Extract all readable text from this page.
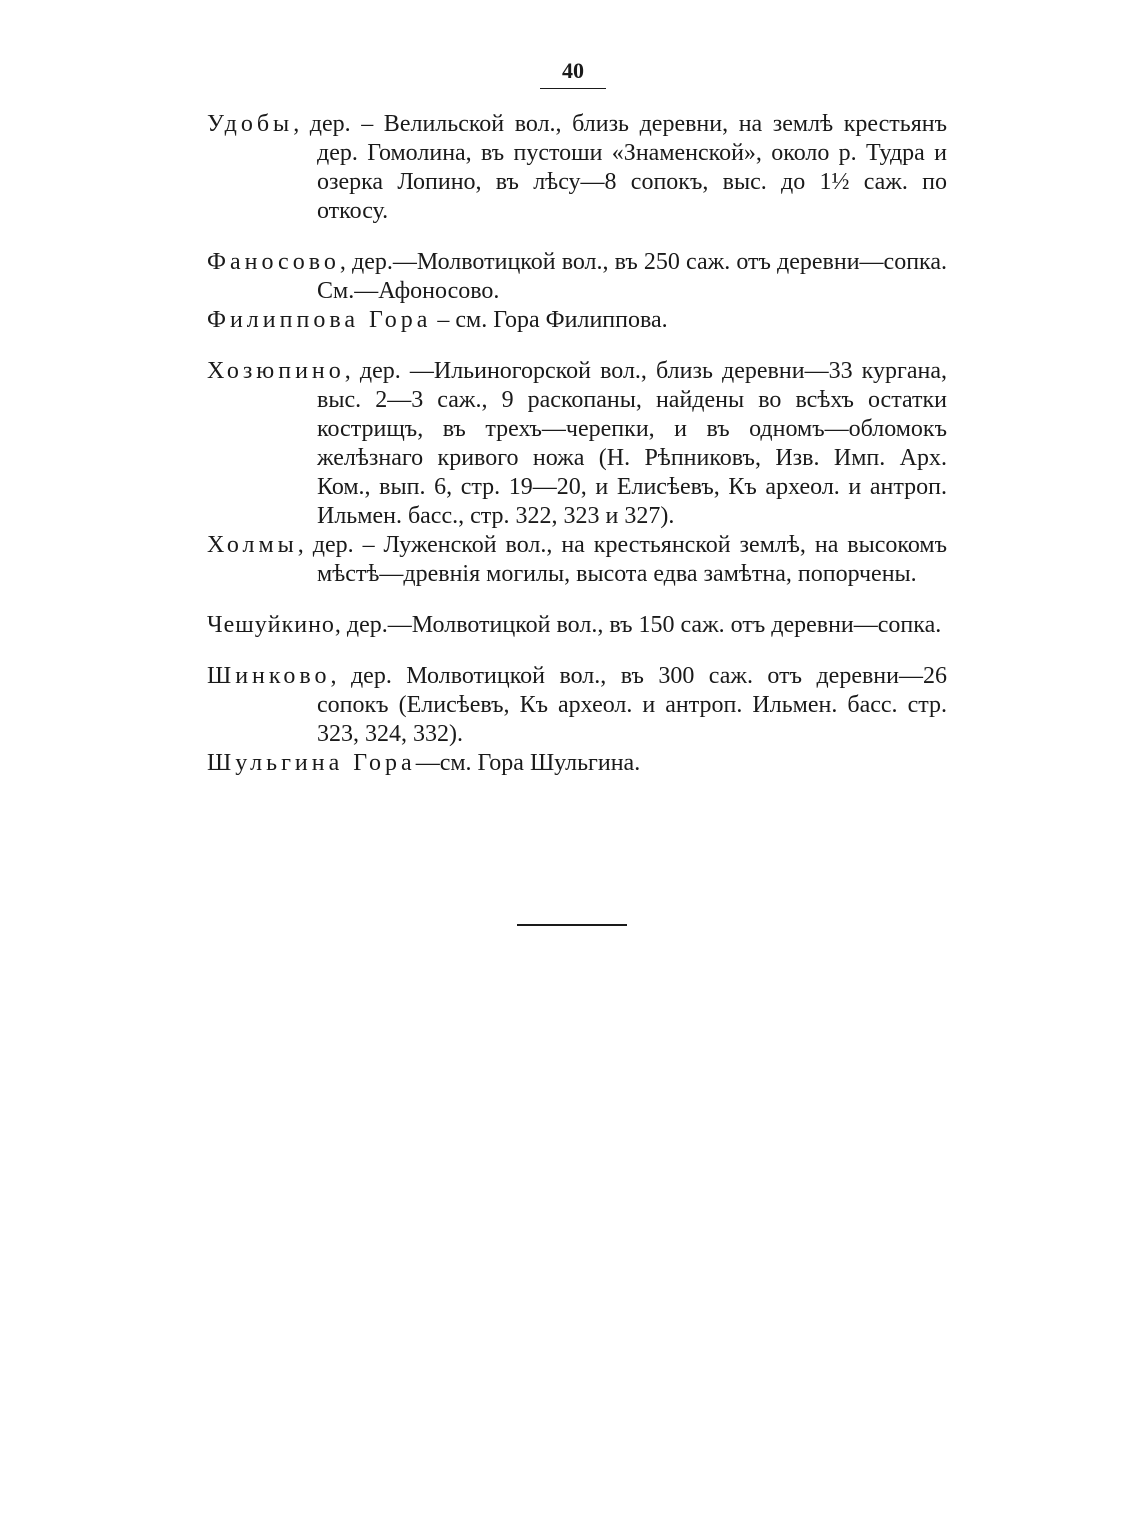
40

Удобы, дер. – Велильской вол., близь деревни, на землѣ крестьянъ дер. Гомолина, въ пустоши «Знаменской», около р. Тудра и озерка Лопино, въ лѣсу—8 сопокъ, выс. до 1½ саж. по откосу.

Фаносово, дер.—Молвотицкой вол., въ 250 саж. отъ деревни—сопка. См.—Афоносово.

Филиппова Гора – см. Гора Филиппова.

Хозюпино, дер. —Ильиногорской вол., близь деревни—33 кургана, выс. 2—3 саж., 9 раскопаны, найдены во всѣхъ остатки кострищъ, въ трехъ—черепки, и въ одномъ—обломокъ желѣзнаго кривого ножа (Н. Рѣпниковъ, Изв. Имп. Арх. Ком., вып. 6, стр. 19—20, и Елисѣевъ, Къ археол. и антроп. Ильмен. басс., стр. 322, 323 и 327).

Холмы, дер. – Луженской вол., на крестьянской землѣ, на высокомъ мѣстѣ—древнія могилы, высота едва замѣтна, попорчены.

Чешуйкино, дер.—Молвотицкой вол., въ 150 саж. отъ деревни—сопка.

Шинково, дер. Молвотицкой вол., въ 300 саж. отъ деревни—26 сопокъ (Елисѣевъ, Къ археол. и антроп. Ильмен. басс. стр. 323, 324, 332).

Шульгина Гора—см. Гора Шульгина.
